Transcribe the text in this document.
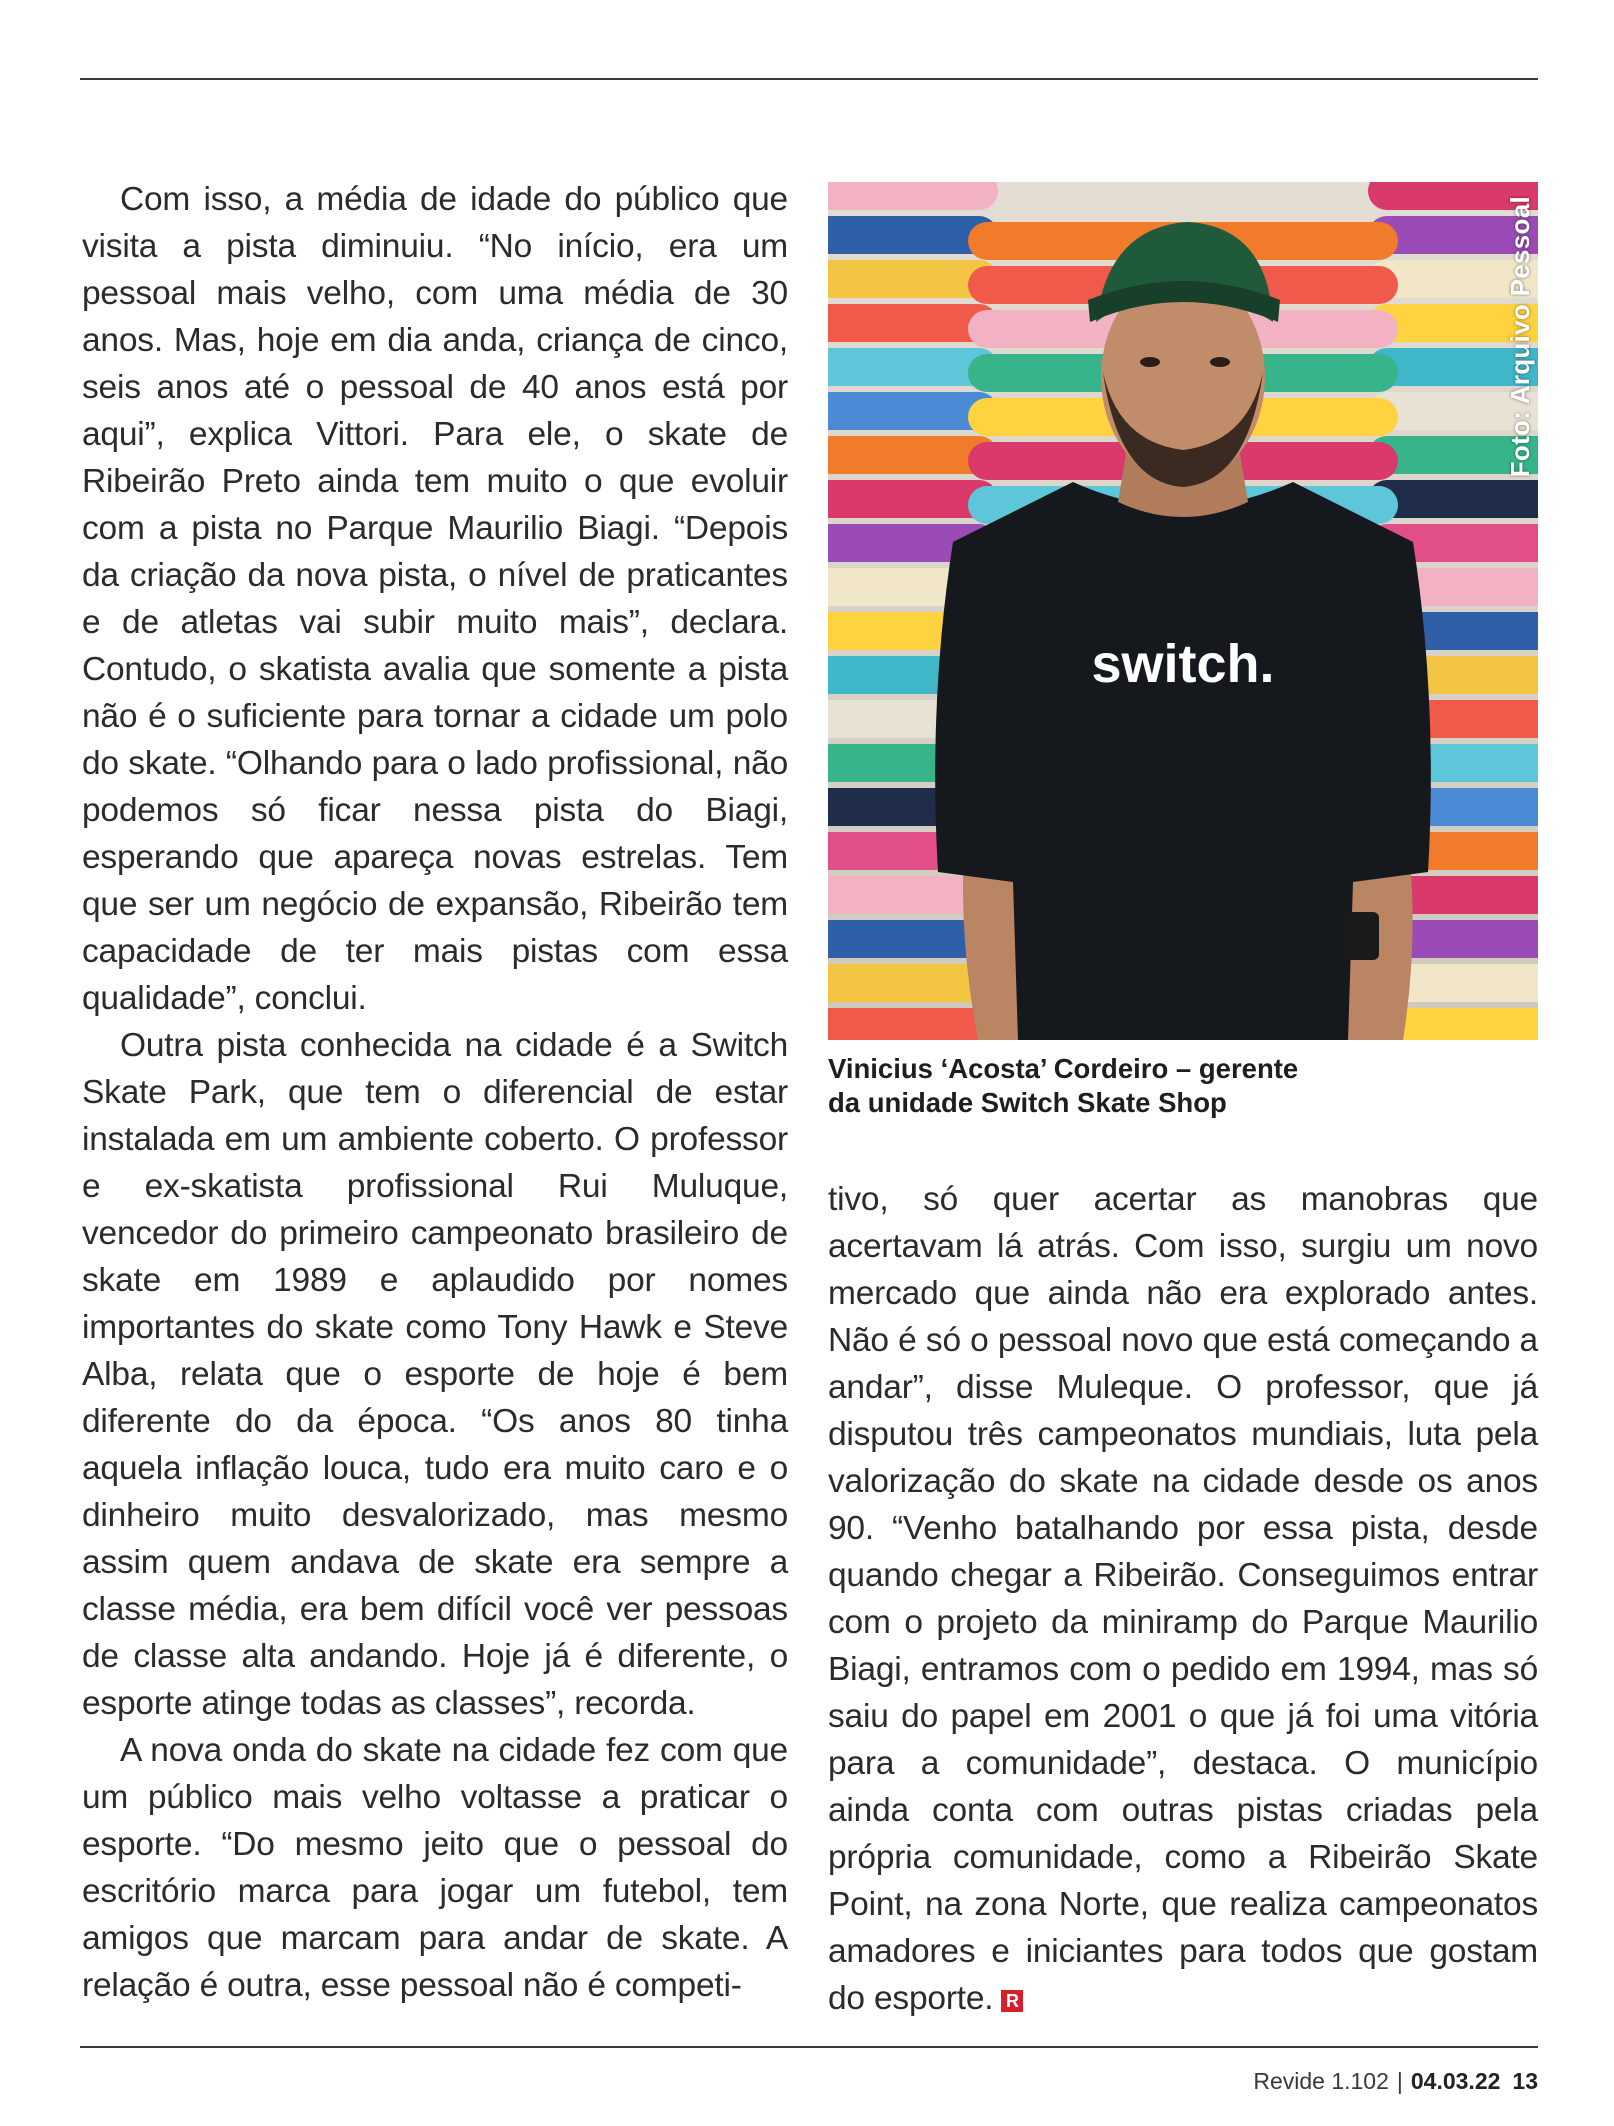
Com isso, a média de idade do público que visita a pista diminuiu. “No início, era um pessoal mais velho, com uma média de 30 anos. Mas, hoje em dia anda, criança de cinco, seis anos até o pessoal de 40 anos está por aqui”, explica Vittori. Para ele, o skate de Ribeirão Preto ainda tem muito o que evoluir com a pista no Parque Maurilio Biagi. “Depois da criação da nova pista, o nível de praticantes e de atletas vai subir muito mais”, declara. Contudo, o skatista avalia que somente a pista não é o suficiente para tornar a cidade um polo do skate. “Olhando para o lado profissional, não podemos só ficar nessa pista do Biagi, esperando que apareça novas estrelas. Tem que ser um negócio de expansão, Ribeirão tem capacidade de ter mais pistas com essa qualidade”, conclui.

Outra pista conhecida na cidade é a Switch Skate Park, que tem o diferencial de estar instalada em um ambiente coberto. O professor e ex-skatista profissional Rui Muluque, vencedor do primeiro campeonato brasileiro de skate em 1989 e aplaudido por nomes importantes do skate como Tony Hawk e Steve Alba, relata que o esporte de hoje é bem diferente do da época. “Os anos 80 tinha aquela inflação louca, tudo era muito caro e o dinheiro muito desvalorizado, mas mesmo assim quem andava de skate era sempre a classe média, era bem difícil você ver pessoas de classe alta andando. Hoje já é diferente, o esporte atinge todas as classes”, recorda.

A nova onda do skate na cidade fez com que um público mais velho voltasse a praticar o esporte. “Do mesmo jeito que o pessoal do escritório marca para jogar um futebol, tem amigos que marcam para andar de skate. A relação é outra, esse pessoal não é competi-

switch.
Foto: Arquivo Pessoal
Vinicius ‘Acosta’ Cordeiro – gerente
da unidade Switch Skate Shop

tivo, só quer acertar as manobras que acertavam lá atrás. Com isso, surgiu um novo mercado que ainda não era explorado antes. Não é só o pessoal novo que está começando a andar”, disse Muleque. O professor, que já disputou três campeonatos mundiais, luta pela valorização do skate na cidade desde os anos 90. “Venho batalhando por essa pista, desde quando chegar a Ribeirão. Conseguimos entrar com o projeto da miniramp do Parque Maurilio Biagi, entramos com o pedido em 1994, mas só saiu do papel em 2001 o que já foi uma vitória para a comunidade”, destaca. O município ainda conta com outras pistas criadas pela própria comunidade, como a Ribeirão Skate Point, na zona Norte, que realiza campeonatos amadores e iniciantes para todos que gostam do esporte. R

Revide 1.102 | 04.03.22 13
